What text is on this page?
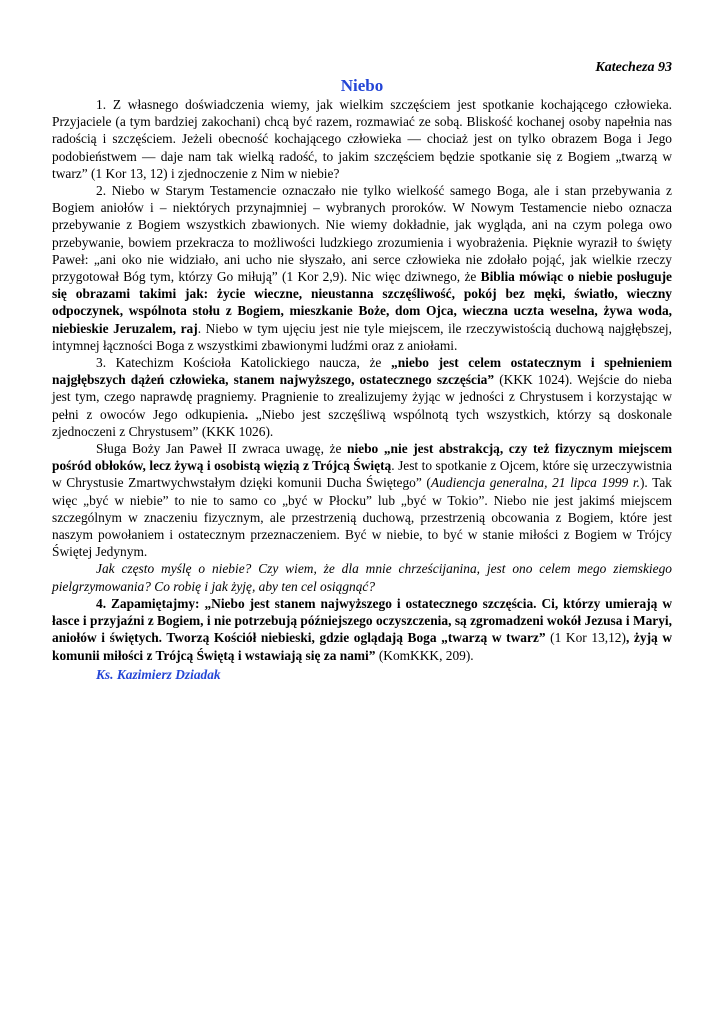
Katecheza 93
Niebo

1. Z własnego doświadczenia wiemy, jak wielkim szczęściem jest spotkanie kochającego człowieka. Przyjaciele (a tym bardziej zakochani) chcą być razem, rozmawiać ze sobą. Bliskość kochanej osoby napełnia nas radością i szczęściem. Jeżeli obecność kochającego człowieka — chociaż jest on tylko obrazem Boga i Jego podobieństwem — daje nam tak wielką radość, to jakim szczęściem będzie spotkanie się z Bogiem „twarzą w twarz” (1 Kor 13, 12) i zjednoczenie z Nim w niebie?

2. Niebo w Starym Testamencie oznaczało nie tylko wielkość samego Boga, ale i stan przebywania z Bogiem aniołów i – niektórych przynajmniej – wybranych proroków. W Nowym Testamencie niebo oznacza przebywanie z Bogiem wszystkich zbawionych. Nie wiemy dokładnie, jak wygląda, ani na czym polega owo przebywanie, bowiem przekracza to możliwości ludzkiego zrozumienia i wyobrażenia. Pięknie wyraził to święty Paweł: „ani oko nie widziało, ani ucho nie słyszało, ani serce człowieka nie zdołało pojąć, jak wielkie rzeczy przygotował Bóg tym, którzy Go miłują” (1 Kor 2,9). Nic więc dziwnego, że Biblia mówiąc o niebie posługuje się obrazami takimi jak: życie wieczne, nieustanna szczęśliwość, pokój bez męki, światło, wieczny odpoczynek, wspólnota stołu z Bogiem, mieszkanie Boże, dom Ojca, wieczna uczta weselna, żywa woda, niebieskie Jeruzalem, raj. Niebo w tym ujęciu jest nie tyle miejscem, ile rzeczywistością duchową najgłębszej, intymnej łączności Boga z wszystkimi zbawionymi ludźmi oraz z aniołami.

3. Katechizm Kościoła Katolickiego naucza, że „niebo jest celem ostatecznym i spełnieniem najgłębszych dążeń człowieka, stanem najwyższego, ostatecznego szczęścia” (KKK 1024). Wejście do nieba jest tym, czego naprawdę pragniemy. Pragnienie to zrealizujemy żyjąc w jedności z Chrystusem i korzystając w pełni z owoców Jego odkupienia. „Niebo jest szczęśliwą wspólnotą tych wszystkich, którzy są doskonale zjednoczeni z Chrystusem” (KKK 1026).

Sługa Boży Jan Paweł II zwraca uwagę, że niebo „nie jest abstrakcją, czy też fizycznym miejscem pośród obłoków, lecz żywą i osobistą więzią z Trójcą Świętą. Jest to spotkanie z Ojcem, które się urzeczywistnia w Chrystusie Zmartwychwstałym dzięki komunii Ducha Świętego” (Audiencja generalna, 21 lipca 1999 r.). Tak więc „być w niebie” to nie to samo co „być w Płocku” lub „być w Tokio”. Niebo nie jest jakimś miejscem szczególnym w znaczeniu fizycznym, ale przestrzenią duchową, przestrzenią obcowania z Bogiem, które jest naszym powołaniem i ostatecznym przeznaczeniem. Być w niebie, to być w stanie miłości z Bogiem w Trójcy Świętej Jedynym.

Jak często myślę o niebie? Czy wiem, że dla mnie chrześcijanina, jest ono celem mego ziemskiego pielgrzymowania? Co robię i jak żyję, aby ten cel osiągnąć?

4. Zapamiętajmy: „Niebo jest stanem najwyższego i ostatecznego szczęścia. Ci, którzy umierają w łasce i przyjaźni z Bogiem, i nie potrzebują późniejszego oczyszczenia, są zgromadzeni wokół Jezusa i Maryi, aniołów i świętych. Tworzą Kościół niebieski, gdzie oglądają Boga „twarzą w twarz” (1 Kor 13,12), żyją w komunii miłości z Trójcą Świętą i wstawiają się za nami” (KomKKK, 209).

Ks. Kazimierz Dziadak
